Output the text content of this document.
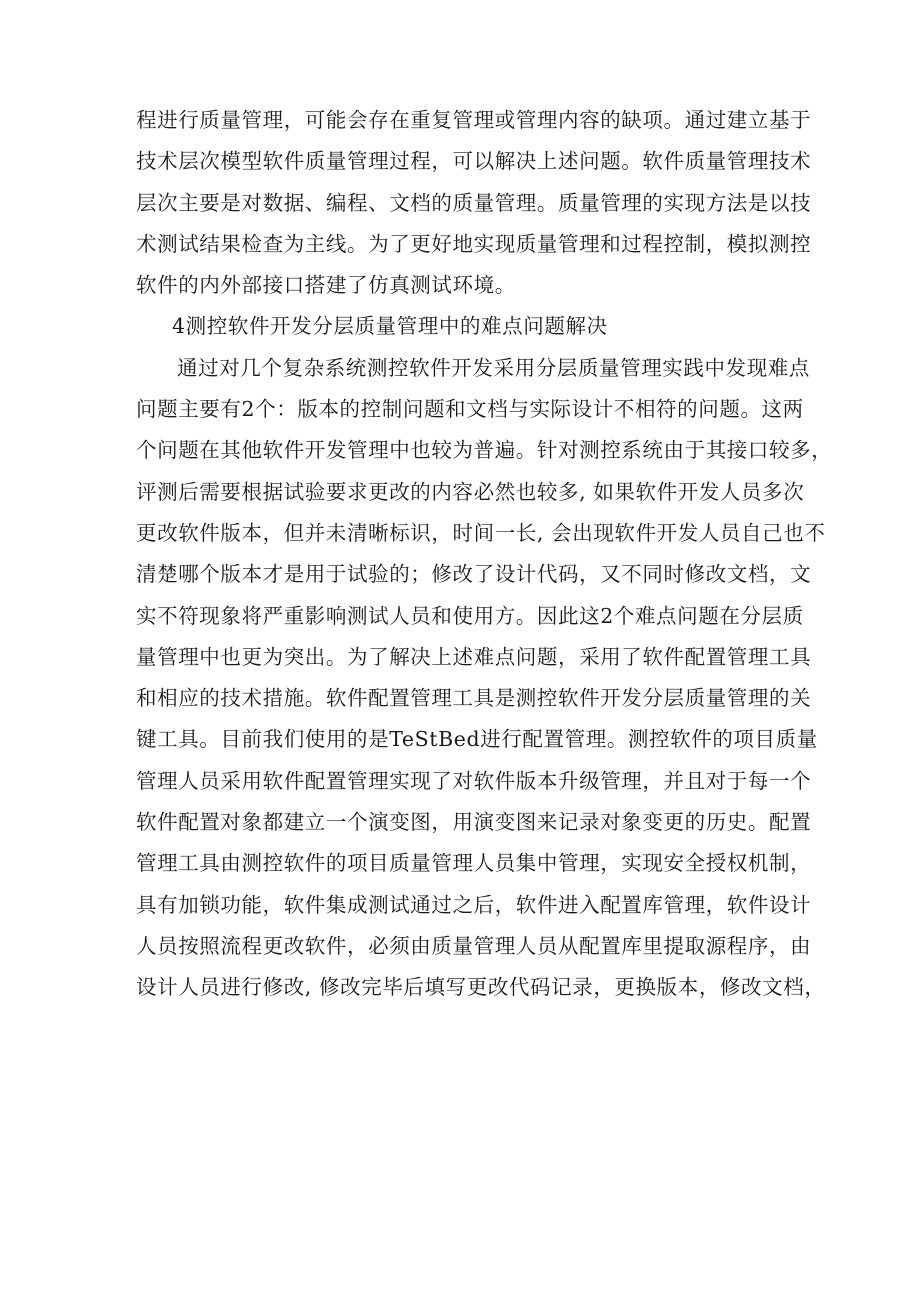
程进行质量管理，可能会存在重复管理或管理内容的缺项。通过建立基于
技术层次模型软件质量管理过程，可以解决上述问题。软件质量管理技术
层次主要是对数据、编程、文档的质量管理。质量管理的实现方法是以技
术测试结果检查为主线。为了更好地实现质量管理和过程控制，模拟测控
软件的内外部接口搭建了仿真测试环境。
4测控软件开发分层质量管理中的难点问题解决
通过对几个复杂系统测控软件开发采用分层质量管理实践中发现难点
问题主要有2个：版本的控制问题和文档与实际设计不相符的问题。这两
个问题在其他软件开发管理中也较为普遍。针对测控系统由于其接口较多，
评测后需要根据试验要求更改的内容必然也较多, 如果软件开发人员多次
更改软件版本，但并未清晰标识，时间一长, 会出现软件开发人员自己也不
清楚哪个版本才是用于试验的；修改了设计代码，又不同时修改文档，文
实不符现象将严重影响测试人员和使用方。因此这2个难点问题在分层质
量管理中也更为突出。为了解决上述难点问题，采用了软件配置管理工具
和相应的技术措施。软件配置管理工具是测控软件开发分层质量管理的关
键工具。目前我们使用的是TeStBed进行配置管理。测控软件的项目质量
管理人员采用软件配置管理实现了对软件版本升级管理，并且对于每一个
软件配置对象都建立一个演变图，用演变图来记录对象变更的历史。配置
管理工具由测控软件的项目质量管理人员集中管理，实现安全授权机制，
具有加锁功能，软件集成测试通过之后，软件进入配置库管理，软件设计
人员按照流程更改软件，必须由质量管理人员从配置库里提取源程序，由
设计人员进行修改, 修改完毕后填写更改代码记录，更换版本，修改文档，
